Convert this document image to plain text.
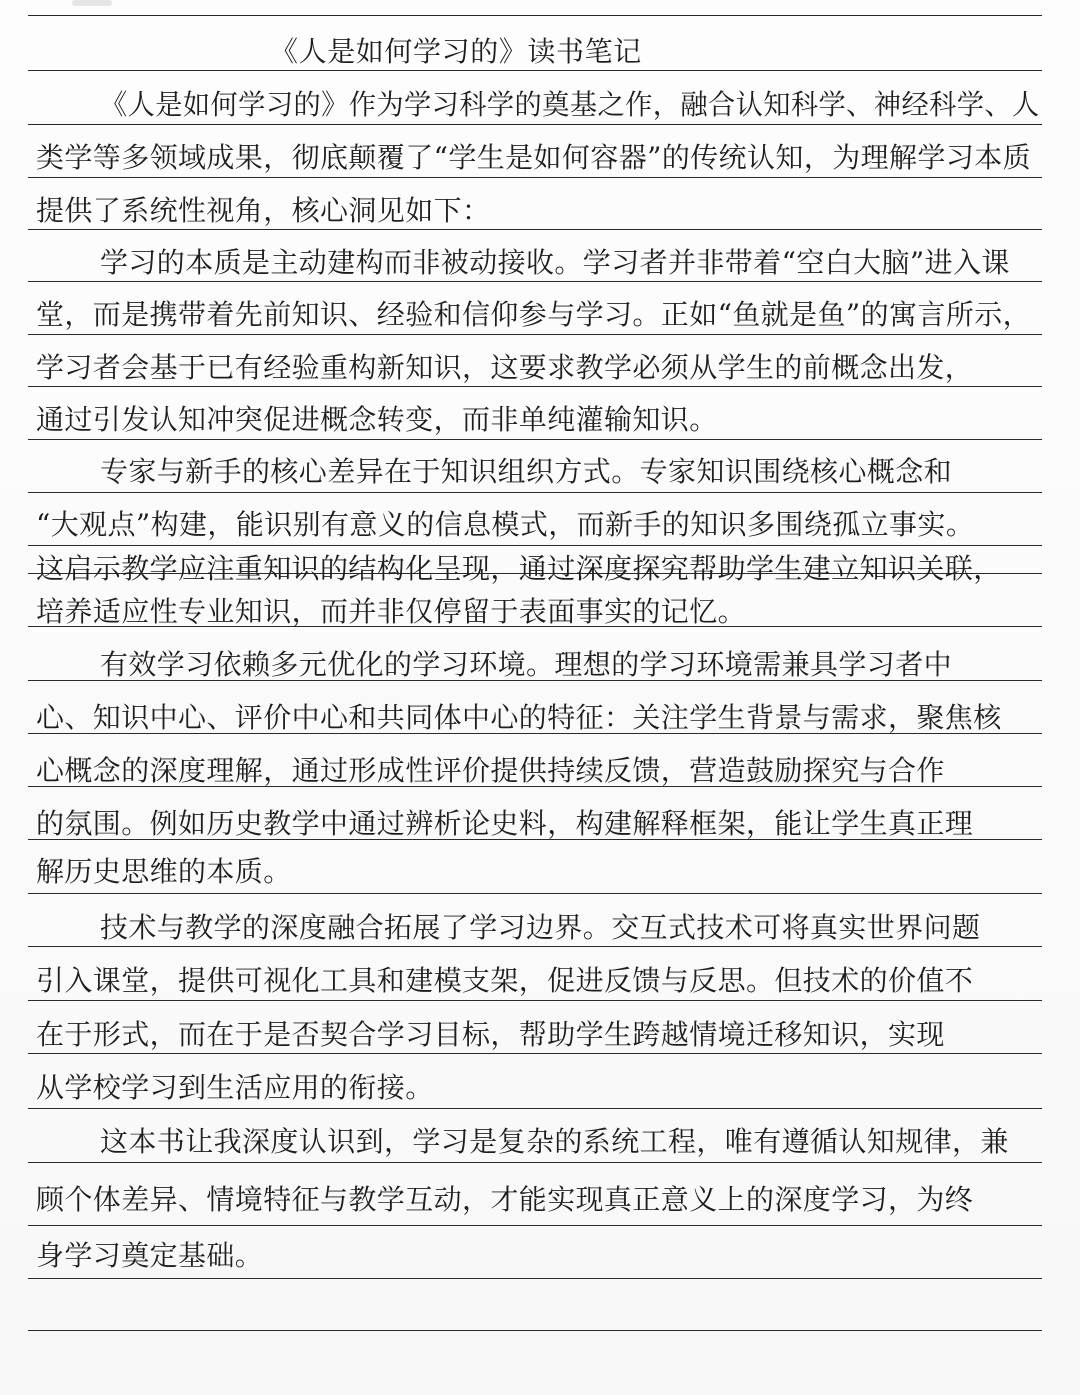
《人是如何学习的》读书笔记
《人是如何学习的》作为学习科学的奠基之作，融合认知科学、神经科学、人
类学等多领域成果，彻底颠覆了“学生是如何容器”的传统认知，为理解学习本质
提供了系统性视角，核心洞见如下：
学习的本质是主动建构而非被动接收。学习者并非带着“空白大脑”进入课
堂，而是携带着先前知识、经验和信仰参与学习。正如“鱼就是鱼”的寓言所示，
学习者会基于已有经验重构新知识，这要求教学必须从学生的前概念出发，
通过引发认知冲突促进概念转变，而非单纯灌输知识。
专家与新手的核心差异在于知识组织方式。专家知识围绕核心概念和
“大观点”构建，能识别有意义的信息模式，而新手的知识多围绕孤立事实。
这启示教学应注重知识的结构化呈现，通过深度探究帮助学生建立知识关联，
培养适应性专业知识，而并非仅停留于表面事实的记忆。
有效学习依赖多元优化的学习环境。理想的学习环境需兼具学习者中
心、知识中心、评价中心和共同体中心的特征：关注学生背景与需求，聚焦核
心概念的深度理解，通过形成性评价提供持续反馈，营造鼓励探究与合作
的氛围。例如历史教学中通过辨析论史料，构建解释框架，能让学生真正理
解历史思维的本质。
技术与教学的深度融合拓展了学习边界。交互式技术可将真实世界问题
引入课堂，提供可视化工具和建模支架，促进反馈与反思。但技术的价值不
在于形式，而在于是否契合学习目标，帮助学生跨越情境迁移知识，实现
从学校学习到生活应用的衔接。
这本书让我深度认识到，学习是复杂的系统工程，唯有遵循认知规律，兼
顾个体差异、情境特征与教学互动，才能实现真正意义上的深度学习，为终
身学习奠定基础。
